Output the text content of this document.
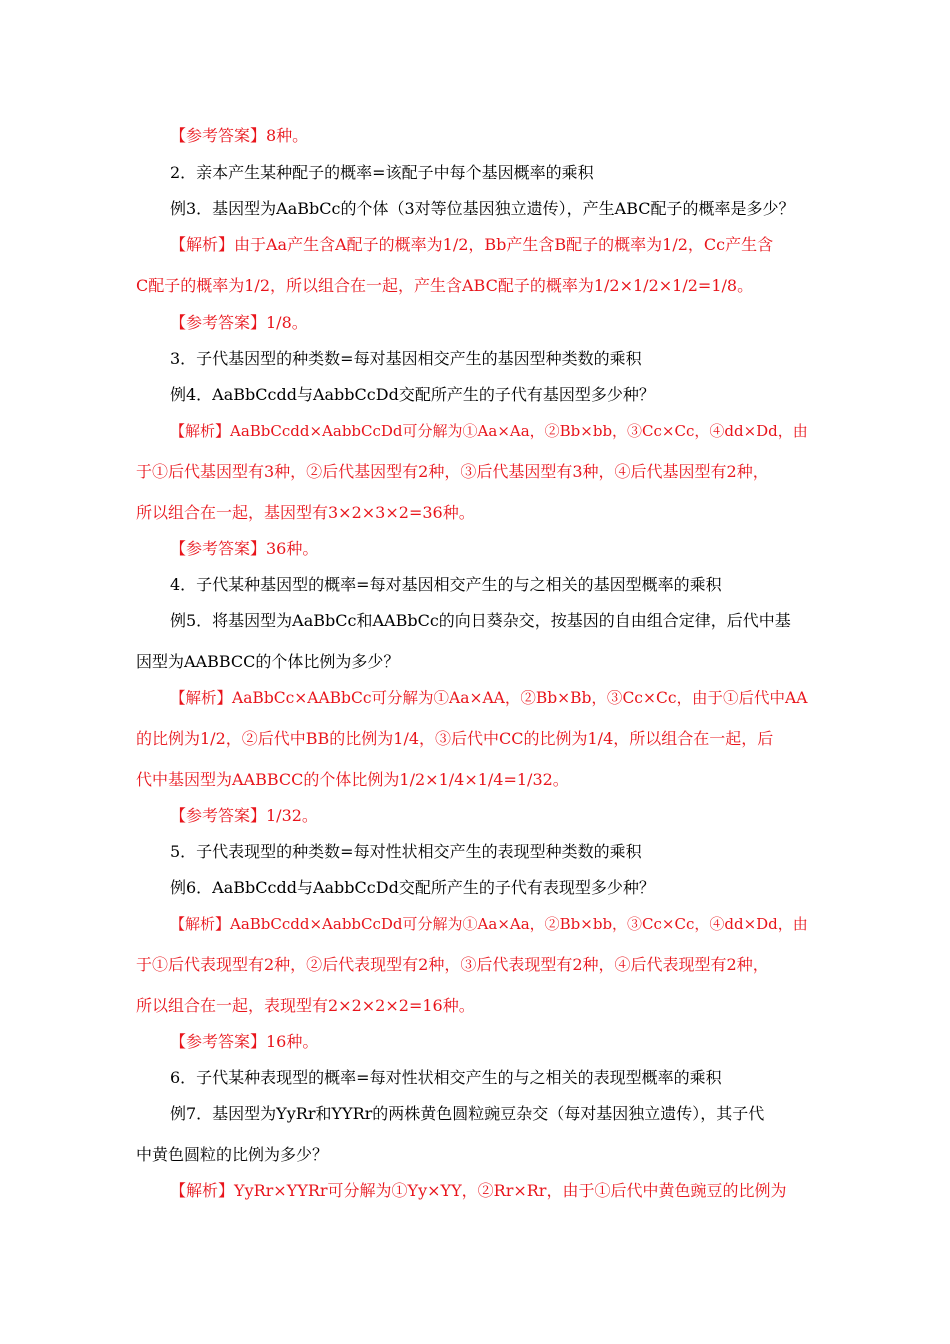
【参考答案】8种。
2．亲本产生某种配子的概率=该配子中每个基因概率的乘积
例3．基因型为AaBbCc的个体（3对等位基因独立遗传），产生ABC配子的概率是多少？
【解析】由于Aa产生含A配子的概率为1/2，Bb产生含B配子的概率为1/2，Cc产生含
C配子的概率为1/2，所以组合在一起，产生含ABC配子的概率为1/2×1/2×1/2=1/8。
【参考答案】1/8。
3．子代基因型的种类数=每对基因相交产生的基因型种类数的乘积
例4．AaBbCcdd与AabbCcDd交配所产生的子代有基因型多少种？
【解析】AaBbCcdd×AabbCcDd可分解为①Aa×Aa，②Bb×bb，③Cc×Cc，④dd×Dd，由
于①后代基因型有3种，②后代基因型有2种，③后代基因型有3种，④后代基因型有2种，
所以组合在一起，基因型有3×2×3×2=36种。
【参考答案】36种。
4．子代某种基因型的概率=每对基因相交产生的与之相关的基因型概率的乘积
例5．将基因型为AaBbCc和AABbCc的向日葵杂交，按基因的自由组合定律，后代中基
因型为AABBCC的个体比例为多少？
【解析】AaBbCc×AABbCc可分解为①Aa×AA，②Bb×Bb，③Cc×Cc，由于①后代中AA
的比例为1/2，②后代中BB的比例为1/4，③后代中CC的比例为1/4，所以组合在一起，后
代中基因型为AABBCC的个体比例为1/2×1/4×1/4=1/32。
【参考答案】1/32。
5．子代表现型的种类数=每对性状相交产生的表现型种类数的乘积
例6．AaBbCcdd与AabbCcDd交配所产生的子代有表现型多少种？
【解析】AaBbCcdd×AabbCcDd可分解为①Aa×Aa，②Bb×bb，③Cc×Cc，④dd×Dd，由
于①后代表现型有2种，②后代表现型有2种，③后代表现型有2种，④后代表现型有2种，
所以组合在一起，表现型有2×2×2×2=16种。
【参考答案】16种。
6．子代某种表现型的概率=每对性状相交产生的与之相关的表现型概率的乘积
例7．基因型为YyRr和YYRr的两株黄色圆粒豌豆杂交（每对基因独立遗传），其子代
中黄色圆粒的比例为多少？
【解析】YyRr×YYRr可分解为①Yy×YY，②Rr×Rr，由于①后代中黄色豌豆的比例为
